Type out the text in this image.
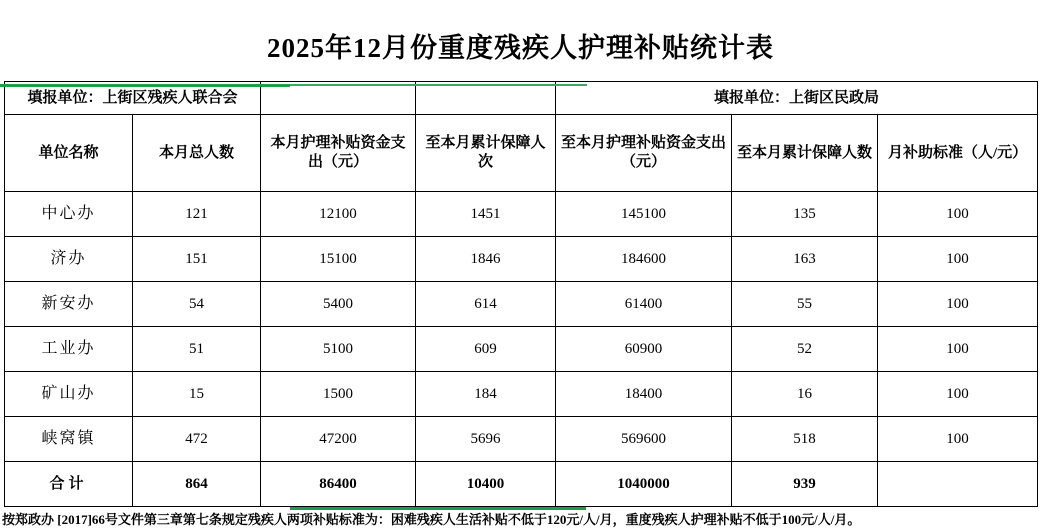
2025年12月份重度残疾人护理补贴统计表
填报单位：上街区残疾人联合会				填报单位：上街区民政局		
单位名称	本月总人数	本月护理补贴资金支出（元）	至本月累计保障人次	至本月护理补贴资金支出（元）	至本月累计保障人数	月补助标准（人/元）
中心办	121	12100	1451	145100	135	100
济办	151	15100	1846	184600	163	100
新安办	54	5400	614	61400	55	100
工业办	51	5100	609	60900	52	100
矿山办	15	1500	184	18400	16	100
峡窝镇	472	47200	5696	569600	518	100
合计	864	86400	10400	1040000	939	
按郑政办 [2017]66号文件第三章第七条规定残疾人两项补贴标准为：困难残疾人生活补贴不低于120元/人/月，重度残疾人护理补贴不低于100元/人/月。
